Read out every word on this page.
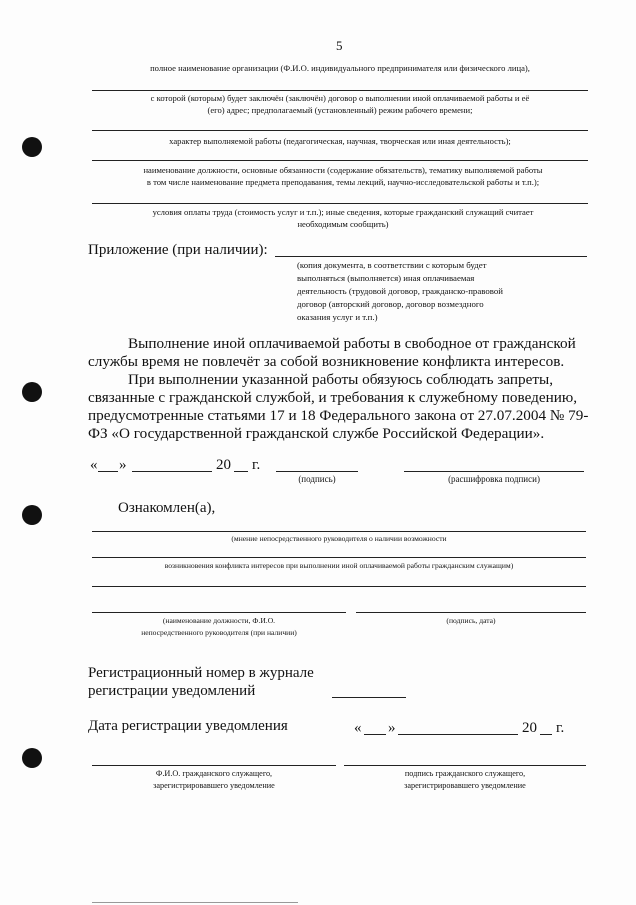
5
полное наименование организации (Ф.И.О. индивидуального предпринимателя или физического лица),
с которой (которым) будет заключён (заключён) договор о выполнении иной оплачиваемой работы и её
(его) адрес; предполагаемый (установленный) режим рабочего времени;
характер выполняемой работы (педагогическая, научная, творческая или иная деятельность);
наименование должности, основные обязанности (содержание обязательств), тематику выполняемой работы
в том числе наименование предмета преподавания, темы лекций, научно-исследовательской работы и т.п.);
условия оплаты труда (стоимость услуг и т.п.); иные сведения, которые гражданский служащий считает
необходимым сообщить)
Приложение (при наличии):
(копия документа, в соответствии с которым будет
выполняться (выполняется) иная оплачиваемая
деятельность (трудовой договор, гражданско-правовой
договор (авторский договор, договор возмездного
оказания услуг и т.п.)
Выполнение иной оплачиваемой работы в свободное от гражданской
службы время не повлечёт за собой возникновение конфликта интересов.
При выполнении указанной работы обязуюсь соблюдать запреты,
связанные с гражданской службой, и требования к служебному поведению,
предусмотренные статьями 17 и 18 Федерального закона от 27.07.2004 № 79-
ФЗ «О государственной гражданской службе Российской Федерации».
« »	20 г.
(подпись)	(расшифровка подписи)
Ознакомлен(а),
(мнение непосредственного руководителя о наличии возможности
возникновения конфликта интересов при выполнении иной оплачиваемой работы гражданским служащим)
(наименование должности, Ф.И.О.
непосредственного руководителя (при наличии)
(подпись, дата)
Регистрационный номер в журнале
регистрации уведомлений
Дата регистрации уведомления	« »	20 г.
Ф.И.О. гражданского служащего,
зарегистрировавшего уведомление
подпись гражданского служащего,
зарегистрировавшего уведомление
